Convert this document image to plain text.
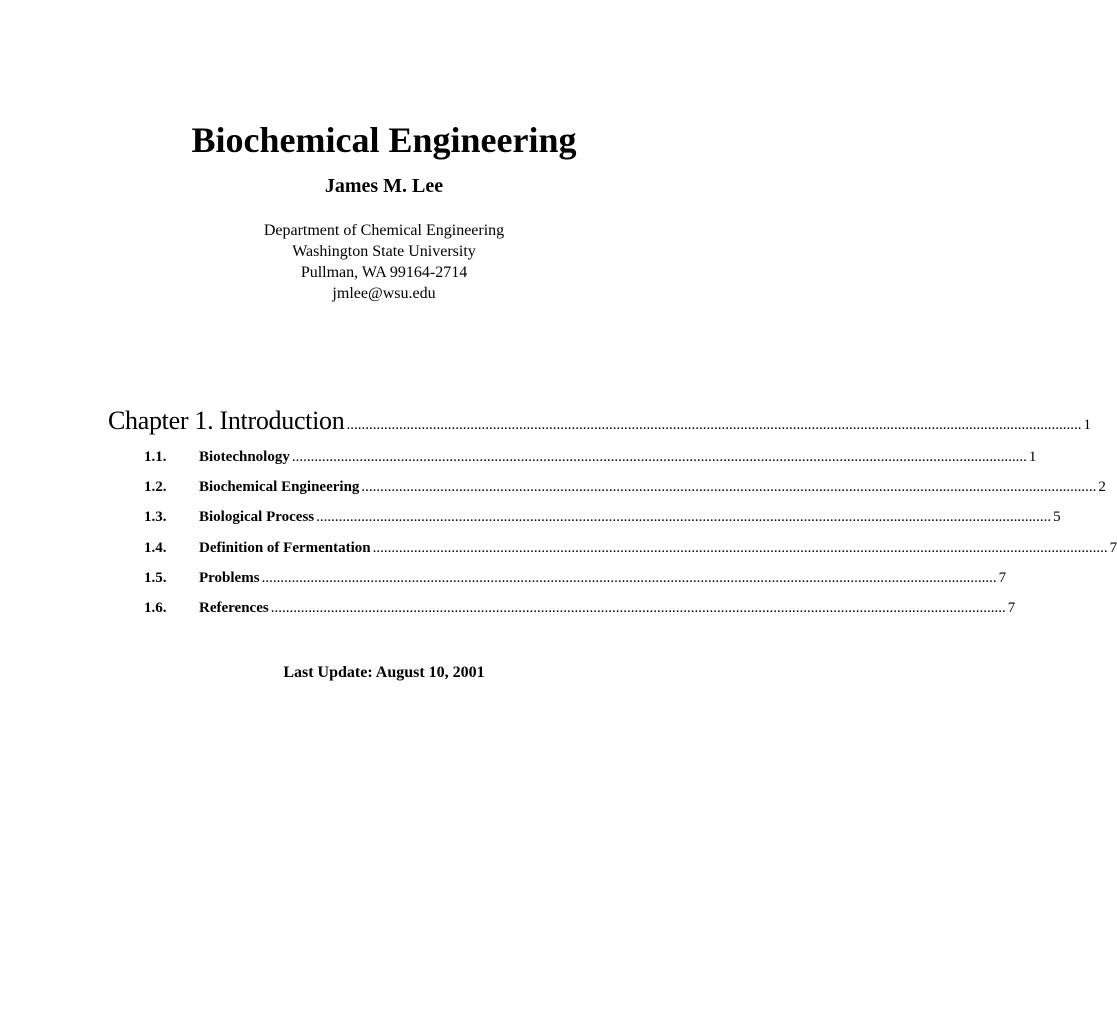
Biochemical Engineering
James M. Lee
Department of Chemical Engineering
Washington State University
Pullman, WA 99164-2714
jmlee@wsu.edu
Chapter 1. Introduction .................................................................................................................................................................................................... 1
1.1.	Biotechnology .................................................................................................................................................................................................... 1
1.2.	Biochemical Engineering .................................................................................................................................................................................................... 2
1.3.	Biological Process .................................................................................................................................................................................................... 5
1.4.	Definition of Fermentation .................................................................................................................................................................................................... 7
1.5.	Problems .................................................................................................................................................................................................... 7
1.6.	References .................................................................................................................................................................................................... 7
Last Update: August 10, 2001
